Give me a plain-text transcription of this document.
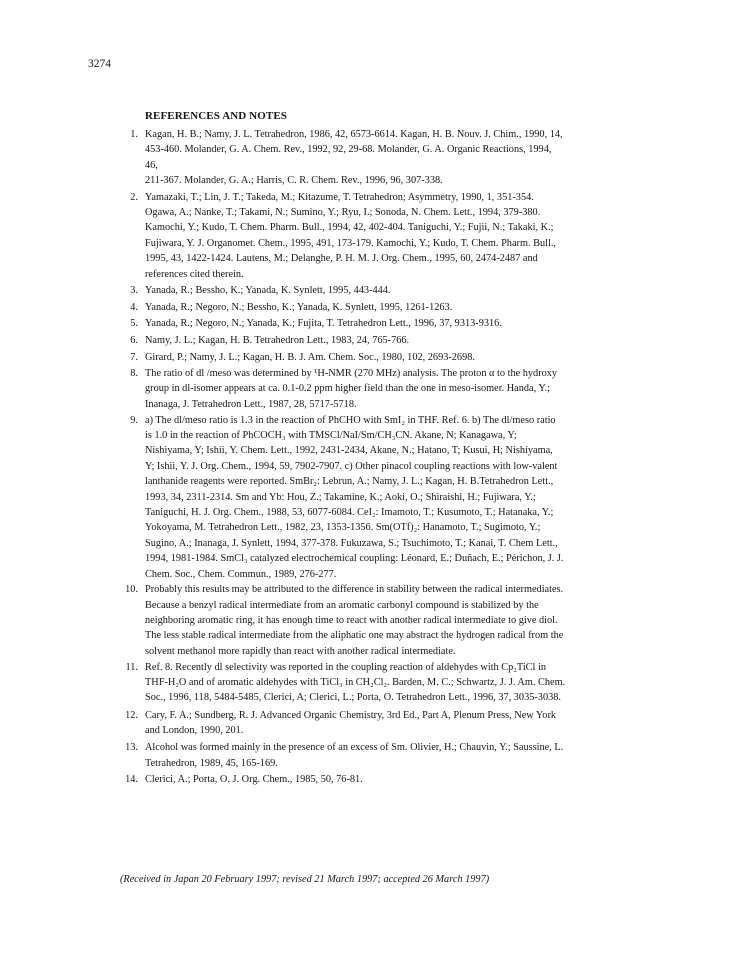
3274
REFERENCES AND NOTES
1. Kagan, H. B.; Namy, J. L. Tetrahedron, 1986, 42, 6573-6614. Kagan, H. B. Nouv. J. Chim., 1990, 14,
453-460. Molander, G. A. Chem. Rev., 1992, 92, 29-68. Molander, G. A. Organic Reactions, 1994,
46,
211-367. Molander, G. A.; Harris, C. R. Chem. Rev., 1996, 96, 307-338.
2. Yamazaki, T.; Lin, J. T.; Takeda, M.; Kitazume, T. Tetrahedron; Asymmetry, 1990, 1, 351-354.
Ogawa, A.; Nanke, T.; Takami, N.; Sumino, Y.; Ryu, I.; Sonoda, N. Chem. Lett., 1994, 379-380.
Kamochi, Y.; Kudo, T. Chem. Pharm. Bull., 1994, 42, 402-404. Taniguchi, Y.; Fujii, N.; Takaki, K.;
Fujiwara, Y. J. Organomet. Chem., 1995, 491, 173-179. Kamochi, Y.; Kudo, T. Chem. Pharm. Bull.,
1995, 43, 1422-1424. Lautens, M.; Delanghe, P. H. M. J. Org. Chem., 1995, 60, 2474-2487 and
references cited therein.
3. Yanada, R.; Bessho, K.; Yanada, K. Synlett, 1995, 443-444.
4. Yanada, R.; Negoro, N.; Bessho, K.; Yanada, K. Synlett, 1995, 1261-1263.
5. Yanada, R.; Negoro, N.; Yanada, K.; Fujita, T. Tetrahedron Lett., 1996, 37, 9313-9316.
6. Namy, J. L.; Kagan, H. B. Tetrahedron Lett., 1983, 24, 765-766.
7. Girard, P.; Namy, J. L.; Kagan, H. B. J. Am. Chem. Soc., 1980, 102, 2693-2698.
8. The ratio of dl /meso was determined by ¹H-NMR (270 MHz) analysis. The proton α to the hydroxy
group in dl-isomer appears at ca. 0.1-0.2 ppm higher field than the one in meso-isomer. Handa, Y.;
Inanaga, J. Tetrahedron Lett., 1987, 28, 5717-5718.
9. a) The dl/meso ratio is 1.3 in the reaction of PhCHO with SmI₂ in THF. Ref. 6. b) The dl/meso ratio
is 1.0 in the reaction of PhCOCH₃ with TMSCl/NaI/Sm/CH₃CN. Akane, N; Kanagawa, Y;
Nishiyama, Y; Ishii, Y. Chem. Lett., 1992, 2431-2434, Akane, N.; Hatano, T; Kusui, H; Nishiyama,
Y; Ishii, Y. J. Org. Chem., 1994, 59, 7902-7907. c) Other pinacol coupling reactions with low-valent
lanthanide reagents were reported. SmBr₂: Lebrun, A.; Namy, J. L.; Kagan, H. B.Tetrahedron Lett.,
1993, 34, 2311-2314. Sm and Yb: Hou, Z.; Takamine, K.; Aoki, O.; Shiraishi, H.; Fujiwara, Y.;
Taniguchi, H. J. Org. Chem., 1988, 53, 6077-6084. CeI₂: Imamoto, T.; Kusumoto, T.; Hatanaka, Y.;
Yokoyama, M. Tetrahedron Lett., 1982, 23, 1353-1356. Sm(OTf)₂: Hanamoto, T.; Sugimoto, Y.;
Sugino, A.; Inanaga, J. Synlett, 1994, 377-378. Fukuzawa, S.; Tsuchimoto, T.; Kanai, T. Chem Lett.,
1994, 1981-1984. SmCl₃ catalyzed electrochemical coupling: Léonard, E.; Duñach, E.; Périchon, J. J.
Chem. Soc., Chem. Commun., 1989, 276-277.
10. Probably this results may be attributed to the difference in stability between the radical intermediates.
Because a benzyl radical intermediate from an aromatic carbonyl compound is stabilized by the
neighboring aromatic ring, it has enough time to react with another radical intermediate to give diol.
The less stable radical intermediate from the aliphatic one may abstract the hydrogen radical from the
solvent methanol more rapidly than react with another radical intermediate.
11. Ref. 8. Recently dl selectivity was reported in the coupling reaction of aldehydes with Cp₂TiCl in
THF-H₂O and of aromatic aldehydes with TiCl₃ in CH₂Cl₂. Barden, M. C.; Schwartz, J. J. Am. Chem.
Soc., 1996, 118, 5484-5485, Clerici, A; Clerici, L.; Porta, O. Tetrahedron Lett., 1996, 37, 3035-3038.
12. Cary, F. A.; Sundberg, R. J. Advanced Organic Chemistry, 3rd Ed., Part A, Plenum Press, New York
and London, 1990, 201.
13. Alcohol was formed mainly in the presence of an excess of Sm. Olivier, H.; Chauvin, Y.; Saussine, L.
Tetrahedron, 1989, 45, 165-169.
14. Clerici, A.; Porta, O. J. Org. Chem., 1985, 50, 76-81.
(Received in Japan 20 February 1997; revised 21 March 1997; accepted 26 March 1997)
